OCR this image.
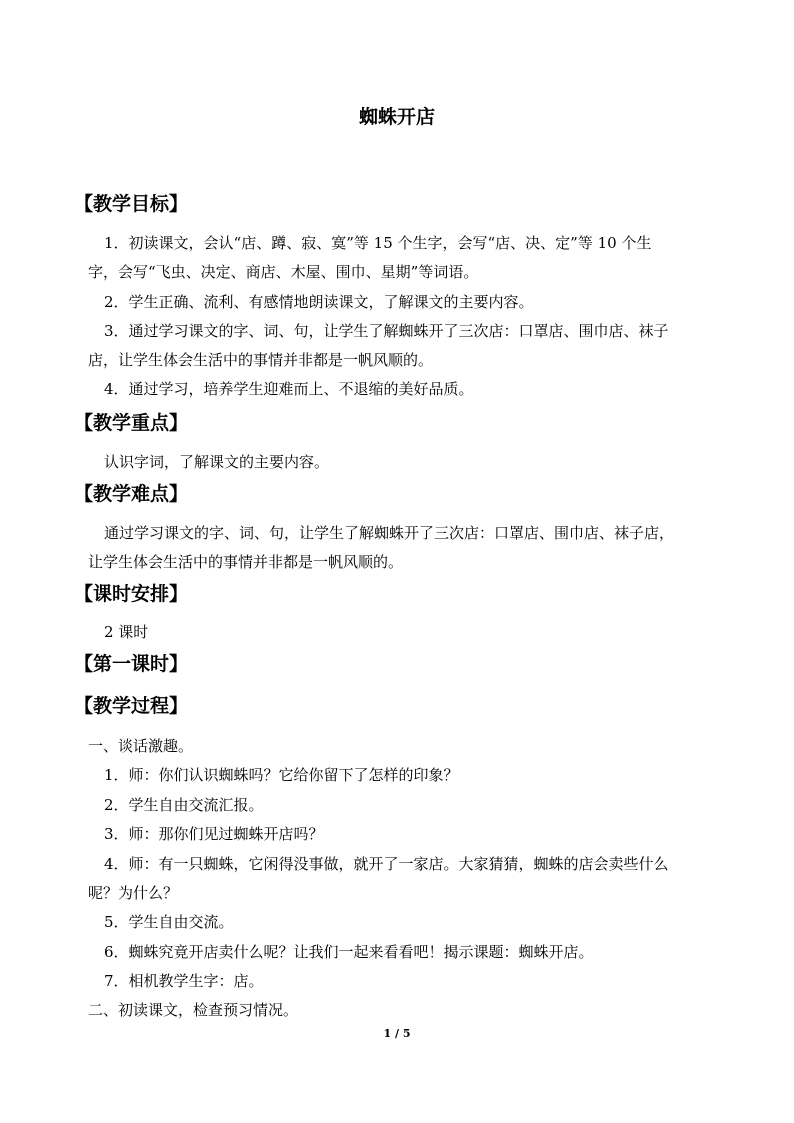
蜘蛛开店
【教学目标】
1．初读课文，会认“店、蹲、寂、寞”等 15 个生字，会写“店、决、定”等 10 个生
字，会写“飞虫、决定、商店、木屋、围巾、星期”等词语。
2．学生正确、流利、有感情地朗读课文，了解课文的主要内容。
3．通过学习课文的字、词、句，让学生了解蜘蛛开了三次店：口罩店、围巾店、袜子
店，让学生体会生活中的事情并非都是一帆风顺的。
4．通过学习，培养学生迎难而上、不退缩的美好品质。
【教学重点】
认识字词，了解课文的主要内容。
【教学难点】
通过学习课文的字、词、句，让学生了解蜘蛛开了三次店：口罩店、围巾店、袜子店，
让学生体会生活中的事情并非都是一帆风顺的。
【课时安排】
2 课时
【第一课时】
【教学过程】
一、谈话激趣。
1．师：你们认识蜘蛛吗？它给你留下了怎样的印象？
2．学生自由交流汇报。
3．师：那你们见过蜘蛛开店吗？
4．师：有一只蜘蛛，它闲得没事做，就开了一家店。大家猜猜，蜘蛛的店会卖些什么
呢？为什么？
5．学生自由交流。
6．蜘蛛究竟开店卖什么呢？让我们一起来看看吧！揭示课题：蜘蛛开店。
7．相机教学生字：店。
二、初读课文，检查预习情况。
1 / 5
